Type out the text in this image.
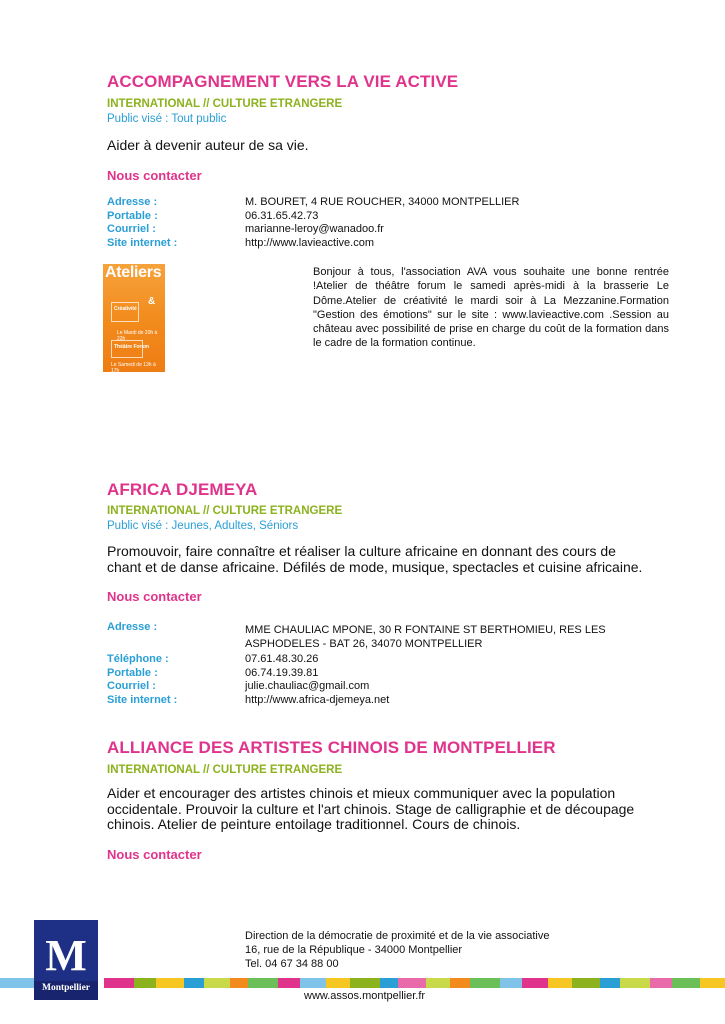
ACCOMPAGNEMENT VERS LA VIE ACTIVE
INTERNATIONAL // CULTURE ETRANGERE
Public visé : Tout public
Aider à devenir auteur de sa vie.
Nous contacter
Adresse :	M. BOURET, 4 RUE ROUCHER, 34000 MONTPELLIER
Portable :	06.31.65.42.73
Courriel :	marianne-leroy@wanadoo.fr
Site internet :	http://www.lavieactive.com
Ateliers
&
Créativité
Le Mardi de 20h à 22h
Théâtre Forum
Le Samedi de 13h à 17h
Bonjour à tous, l'association AVA vous souhaite une bonne rentrée !Atelier de théâtre forum le samedi après-midi à la brasserie Le Dôme.Atelier de créativité le mardi soir à La Mezzanine.Formation "Gestion des émotions" sur le site : www.lavieactive.com .Session au château avec possibilité de prise en charge du coût de la formation dans le cadre de la formation continue.
AFRICA DJEMEYA
INTERNATIONAL // CULTURE ETRANGERE
Public visé : Jeunes, Adultes, Séniors
Promouvoir, faire connaître et réaliser la culture africaine en donnant des cours de chant et de danse africaine. Défilés de mode, musique, spectacles et cuisine africaine.
Nous contacter
Adresse :	MME CHAULIAC MPONE, 30 R FONTAINE ST BERTHOMIEU, RES LES ASPHODELES - BAT 26, 34070 MONTPELLIER
Téléphone :	07.61.48.30.26
Portable :	06.74.19.39.81
Courriel :	julie.chauliac@gmail.com
Site internet :	http://www.africa-djemeya.net
ALLIANCE DES ARTISTES CHINOIS DE MONTPELLIER
INTERNATIONAL // CULTURE ETRANGERE
Aider et encourager des artistes chinois et mieux communiquer avec la population occidentale. Prouvoir la culture et l'art chinois. Stage de calligraphie et de découpage chinois. Atelier de peinture entoilage traditionnel. Cours de chinois.
Nous contacter
M
Montpellier
Direction de la démocratie de proximité et de la vie associative
16, rue de la République - 34000 Montpellier
Tel. 04 67 34 88 00
www.assos.montpellier.fr
